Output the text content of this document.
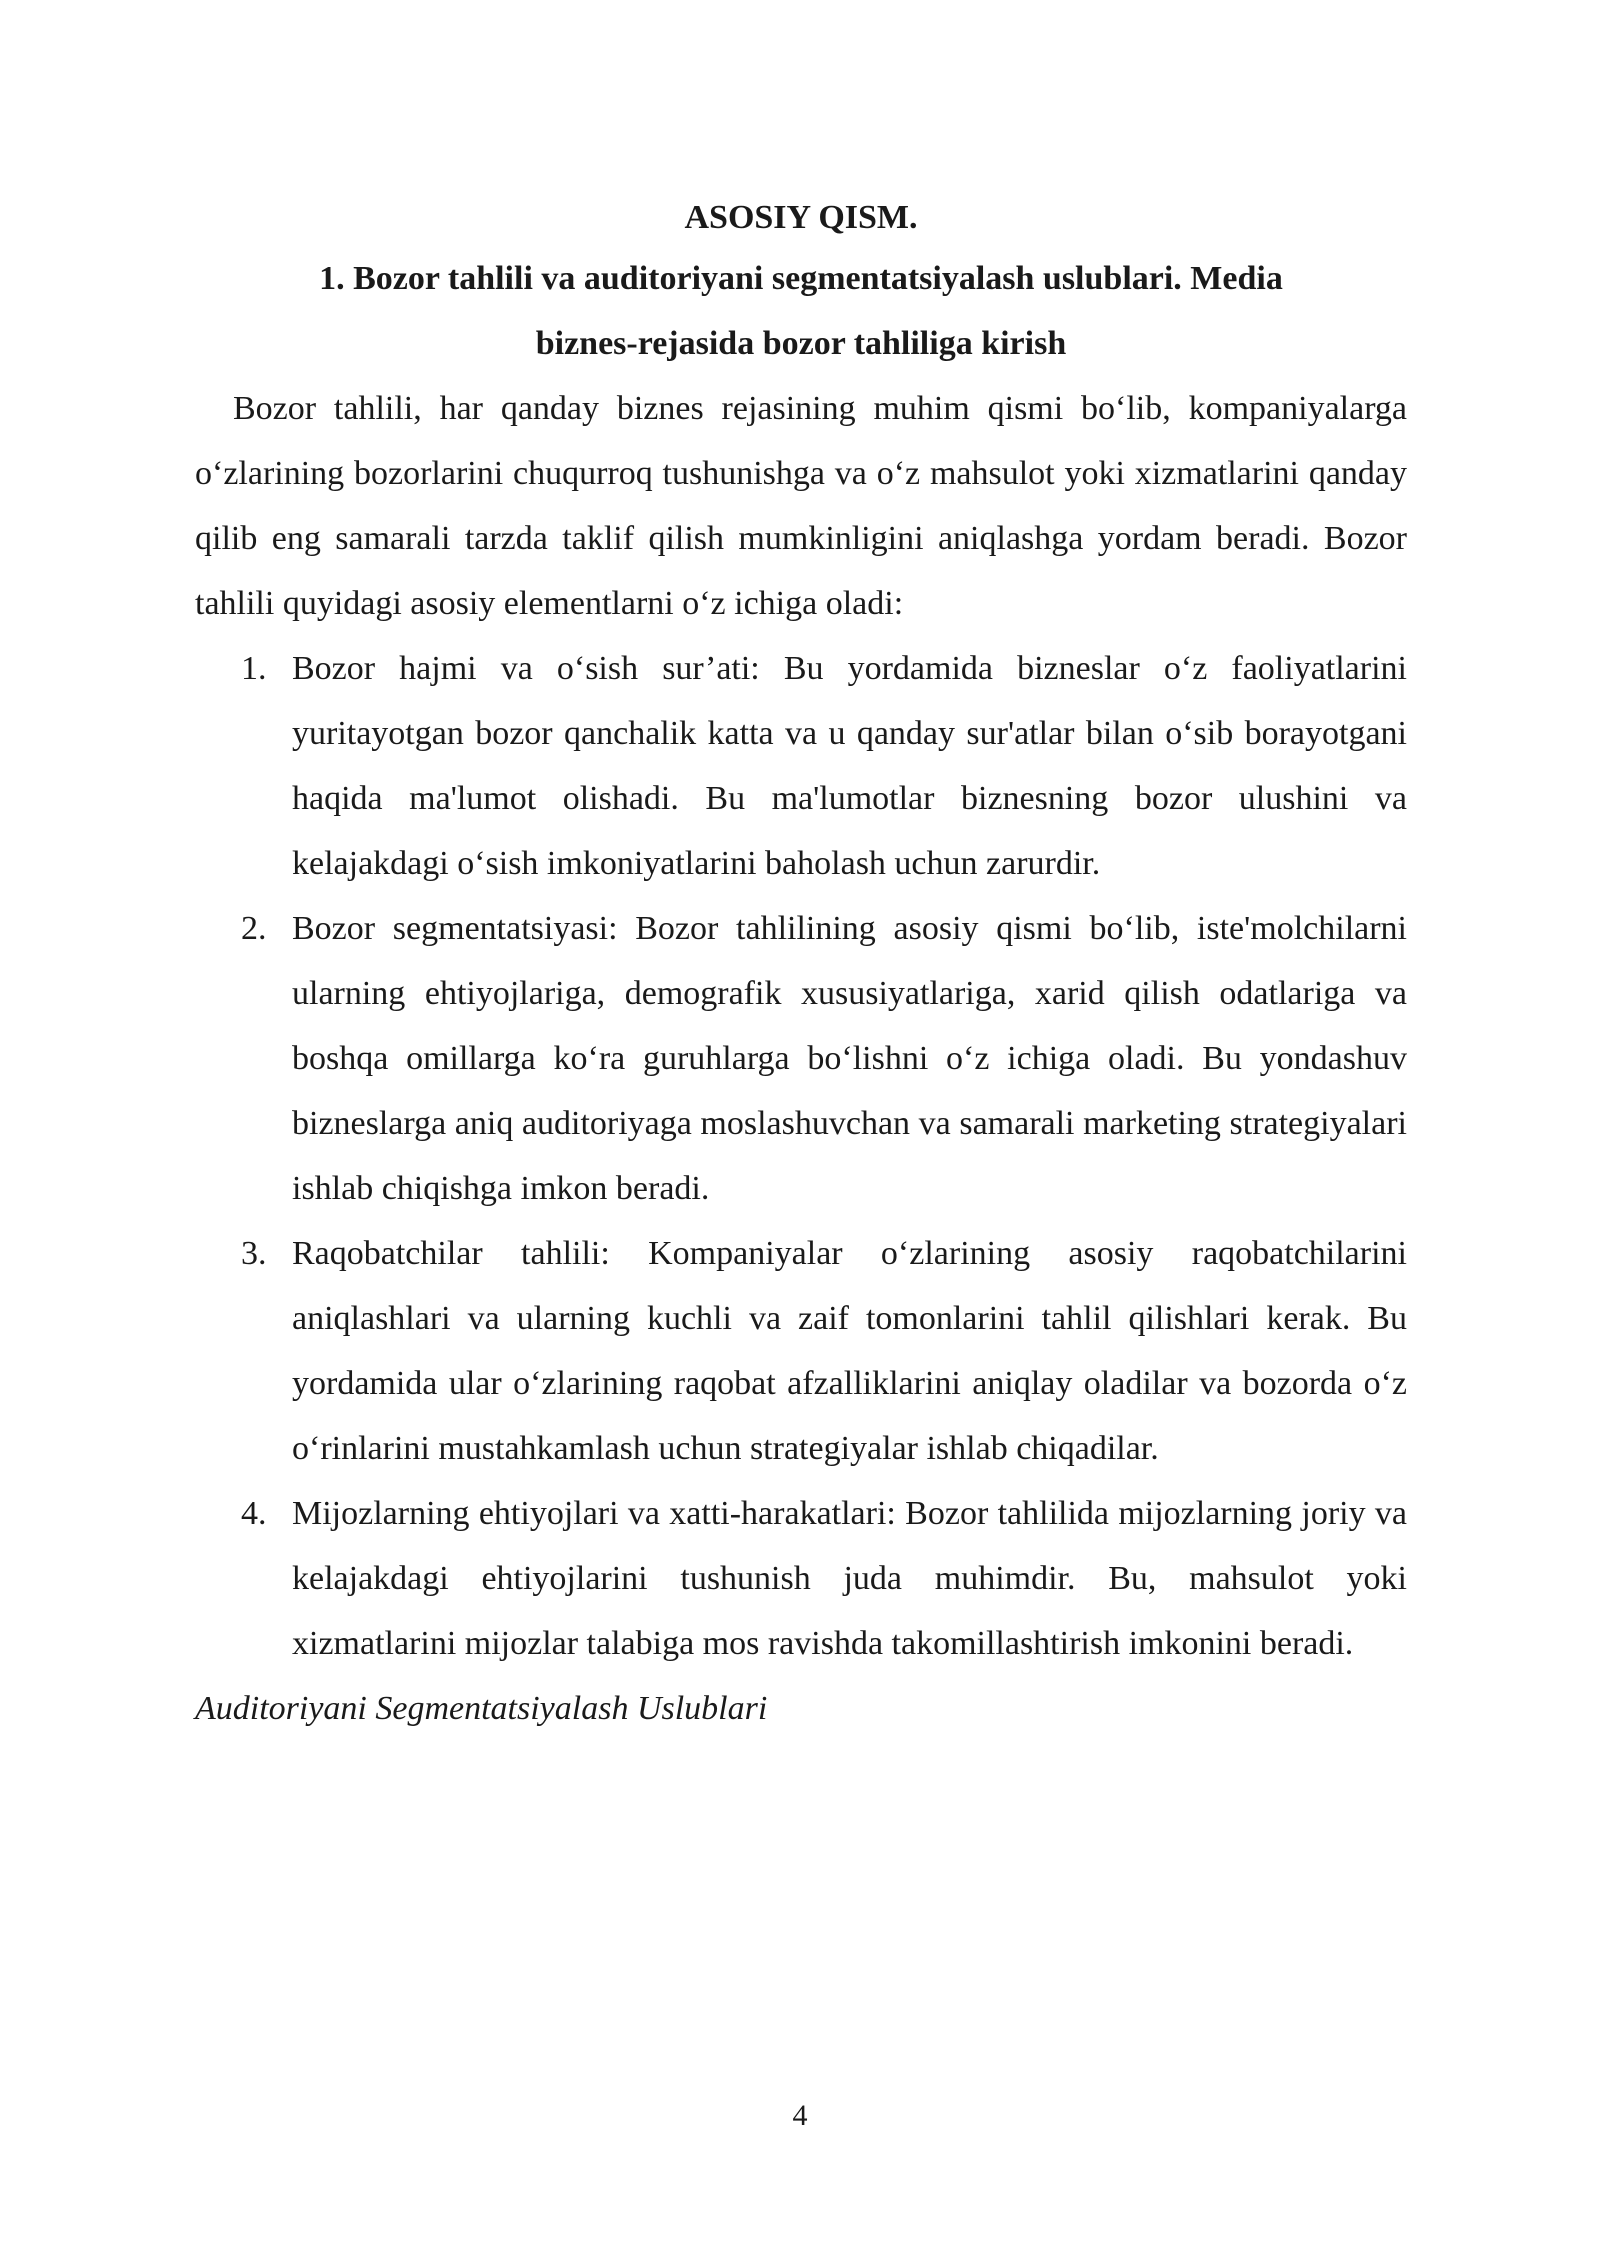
ASOSIY QISM.

1. Bozor tahlili va auditoriyani segmentatsiyalash uslublari. Media
biznes-rejasida bozor tahliliga kirish

Bozor tahlili, har qanday biznes rejasining muhim qismi bo‘lib, kompaniyalarga o‘zlarining bozorlarini chuqurroq tushunishga va o‘z mahsulot yoki xizmatlarini qanday qilib eng samarali tarzda taklif qilish mumkinligini aniqlashga yordam beradi. Bozor tahlili quyidagi asosiy elementlarni o‘z ichiga oladi:

1. Bozor hajmi va o‘sish sur’ati: Bu yordamida bizneslar o‘z faoliyatlarini yuritayotgan bozor qanchalik katta va u qanday sur'atlar bilan o‘sib borayotgani haqida ma'lumot olishadi. Bu ma'lumotlar biznesning bozor ulushini va kelajakdagi o‘sish imkoniyatlarini baholash uchun zarurdir.
2. Bozor segmentatsiyasi: Bozor tahlilining asosiy qismi bo‘lib, iste'molchilarni ularning ehtiyojlariga, demografik xususiyatlariga, xarid qilish odatlariga va boshqa omillarga ko‘ra guruhlarga bo‘lishni o‘z ichiga oladi. Bu yondashuv bizneslarga aniq auditoriyaga moslashuvchan va samarali marketing strategiyalari ishlab chiqishga imkon beradi.
3. Raqobatchilar tahlili: Kompaniyalar o‘zlarining asosiy raqobatchilarini aniqlashlari va ularning kuchli va zaif tomonlarini tahlil qilishlari kerak. Bu yordamida ular o‘zlarining raqobat afzalliklarini aniqlay oladilar va bozorda o‘z o‘rinlarini mustahkamlash uchun strategiyalar ishlab chiqadilar.
4. Mijozlarning ehtiyojlari va xatti-harakatlari: Bozor tahlilida mijozlarning joriy va kelajakdagi ehtiyojlarini tushunish juda muhimdir. Bu, mahsulot yoki xizmatlarini mijozlar talabiga mos ravishda takomillashtirish imkonini beradi.

Auditoriyani Segmentatsiyalash Uslublari

4
